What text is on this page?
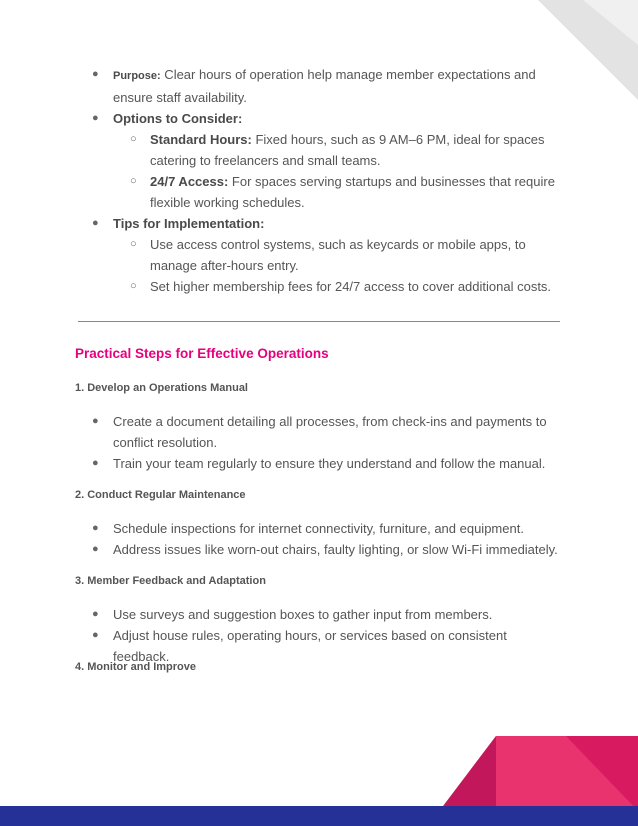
● Purpose: Clear hours of operation help manage member expectations and ensure staff availability.
● Options to Consider:
○ Standard Hours: Fixed hours, such as 9 AM–6 PM, ideal for spaces catering to freelancers and small teams.
○ 24/7 Access: For spaces serving startups and businesses that require flexible working schedules.
● Tips for Implementation:
○ Use access control systems, such as keycards or mobile apps, to manage after-hours entry.
○ Set higher membership fees for 24/7 access to cover additional costs.
Practical Steps for Effective Operations
1. Develop an Operations Manual
● Create a document detailing all processes, from check-ins and payments to conflict resolution.
● Train your team regularly to ensure they understand and follow the manual.
2. Conduct Regular Maintenance
● Schedule inspections for internet connectivity, furniture, and equipment.
● Address issues like worn-out chairs, faulty lighting, or slow Wi-Fi immediately.
3. Member Feedback and Adaptation
● Use surveys and suggestion boxes to gather input from members.
● Adjust house rules, operating hours, or services based on consistent feedback.
4. Monitor and Improve
